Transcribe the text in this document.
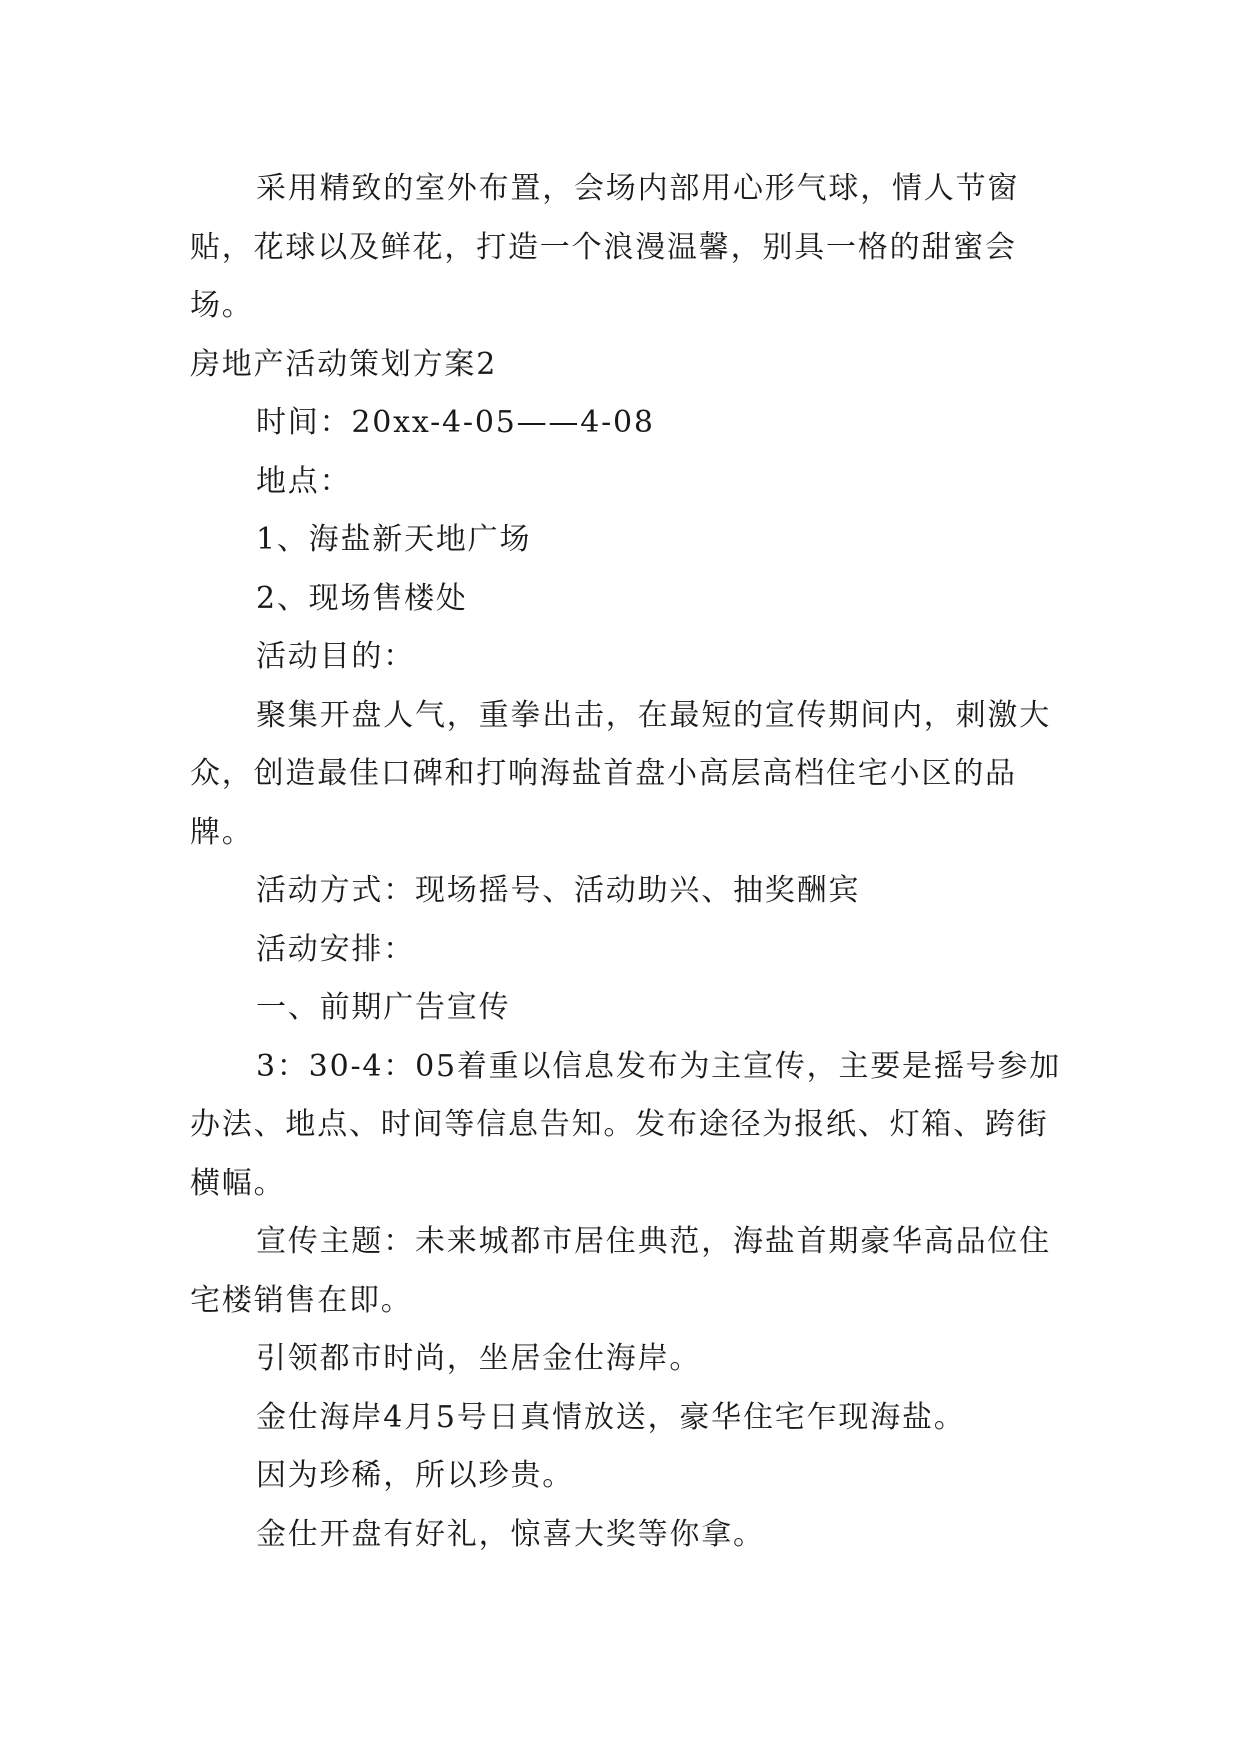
采用精致的室外布置，会场内部用心形气球，情人节窗贴，花球以及鲜花，打造一个浪漫温馨，别具一格的甜蜜会场。

房地产活动策划方案2

时间：20xx-4-05——4-08

地点：

1、海盐新天地广场

2、现场售楼处

活动目的：

聚集开盘人气，重拳出击，在最短的宣传期间内，刺激大众，创造最佳口碑和打响海盐首盘小高层高档住宅小区的品牌。

活动方式：现场摇号、活动助兴、抽奖酬宾

活动安排：

一、前期广告宣传

3：30-4：05着重以信息发布为主宣传，主要是摇号参加办法、地点、时间等信息告知。发布途径为报纸、灯箱、跨街横幅。

宣传主题：未来城都市居住典范，海盐首期豪华高品位住宅楼销售在即。

引领都市时尚，坐居金仕海岸。

金仕海岸4月5号日真情放送，豪华住宅乍现海盐。

因为珍稀，所以珍贵。

金仕开盘有好礼，惊喜大奖等你拿。
